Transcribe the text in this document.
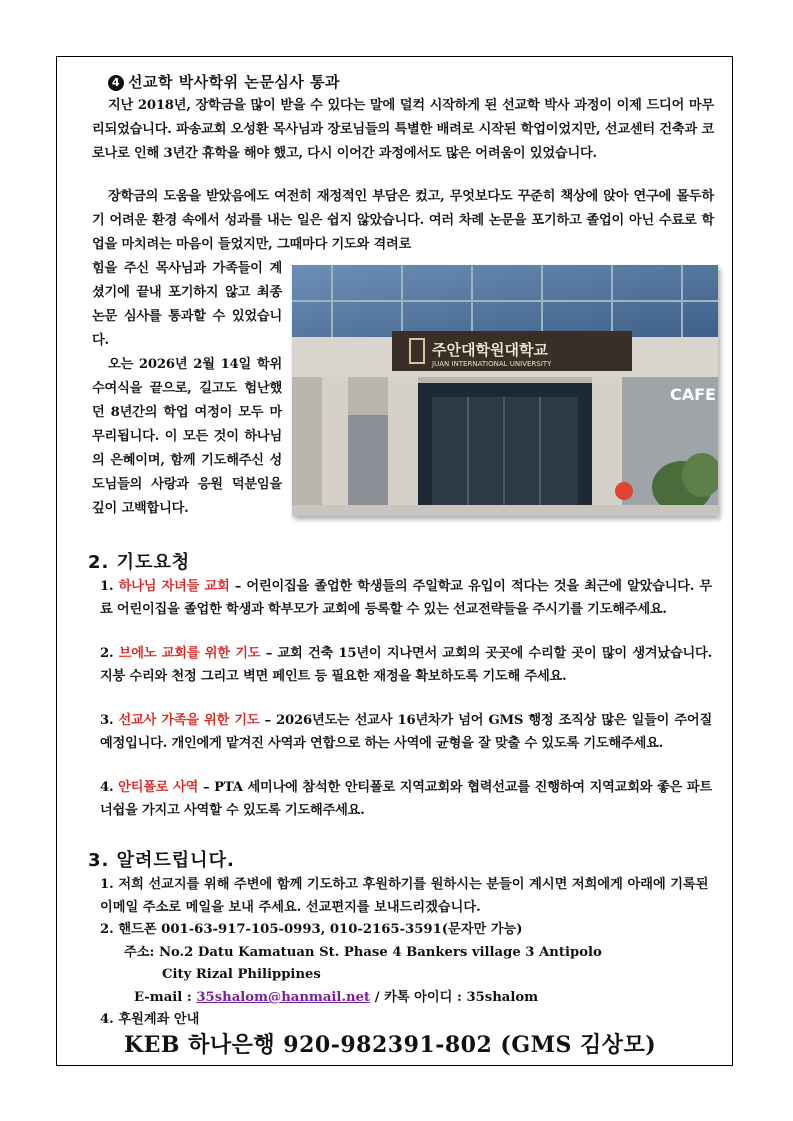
4 선교학 박사학위 논문심사 통과
지난 2018년, 장학금을 많이 받을 수 있다는 말에 덜컥 시작하게 된 선교학 박사 과정이 이제 드디어 마무리되었습니다. 파송교회 오성환 목사님과 장로님들의 특별한 배려로 시작된 학업이었지만, 선교센터 건축과 코로나로 인해 3년간 휴학을 해야 했고, 다시 이어간 과정에서도 많은 어려움이 있었습니다.
장학금의 도움을 받았음에도 여전히 재정적인 부담은 컸고, 무엇보다도 꾸준히 책상에 앉아 연구에 몰두하기 어려운 환경 속에서 성과를 내는 일은 쉽지 않았습니다. 여러 차례 논문을 포기하고 졸업이 아닌 수료로 학업을 마치려는 마음이 들었지만, 그때마다 기도와 격려로
힘을 주신 목사님과 가족들이 계셨기에 끝내 포기하지 않고 최종 논문 심사를 통과할 수 있었습니다.
오는 2026년 2월 14일 학위 수여식을 끝으로, 길고도 험난했던 8년간의 학업 여정이 모두 마무리됩니다. 이 모든 것이 하나님의 은혜이며, 함께 기도해주신 성도님들의 사랑과 응원 덕분임을 깊이 고백합니다.
주안대학원대학교
JUAN INTERNATIONAL UNIVERSITY
CAFE
2. 기도요청
1. 하나님 자녀들 교회 – 어린이집을 졸업한 학생들의 주일학교 유입이 적다는 것을 최근에 알았습니다. 무료 어린이집을 졸업한 학생과 학부모가 교회에 등록할 수 있는 선교전략들을 주시기를 기도해주세요.
2. 브에노 교회를 위한 기도 – 교회 건축 15년이 지나면서 교회의 곳곳에 수리할 곳이 많이 생겨났습니다. 지붕 수리와 천정 그리고 벽면 페인트 등 필요한 재정을 확보하도록 기도해 주세요.
3. 선교사 가족을 위한 기도 – 2026년도는 선교사 16년차가 넘어 GMS 행정 조직상 많은 일들이 주어질 예정입니다. 개인에게 맡겨진 사역과 연합으로 하는 사역에 균형을 잘 맞출 수 있도록 기도해주세요.
4. 안티폴로 사역 – PTA 세미나에 참석한 안티폴로 지역교회와 협력선교를 진행하여 지역교회와 좋은 파트너쉽을 가지고 사역할 수 있도록 기도해주세요.
3. 알려드립니다.
1. 저희 선교지를 위해 주변에 함께 기도하고 후원하기를 원하시는 분들이 계시면 저희에게 아래에 기록된 이메일 주소로 메일을 보내 주세요. 선교편지를 보내드리겠습니다.
2. 핸드폰 001-63-917-105-0993, 010-2165-3591(문자만 가능)
주소: No.2 Datu Kamatuan St. Phase 4 Bankers village 3 Antipolo
City Rizal Philippines
E-mail : 35shalom@hanmail.net / 카톡 아이디 : 35shalom
4. 후원계좌 안내
KEB 하나은행 920-982391-802 (GMS 김상모)
